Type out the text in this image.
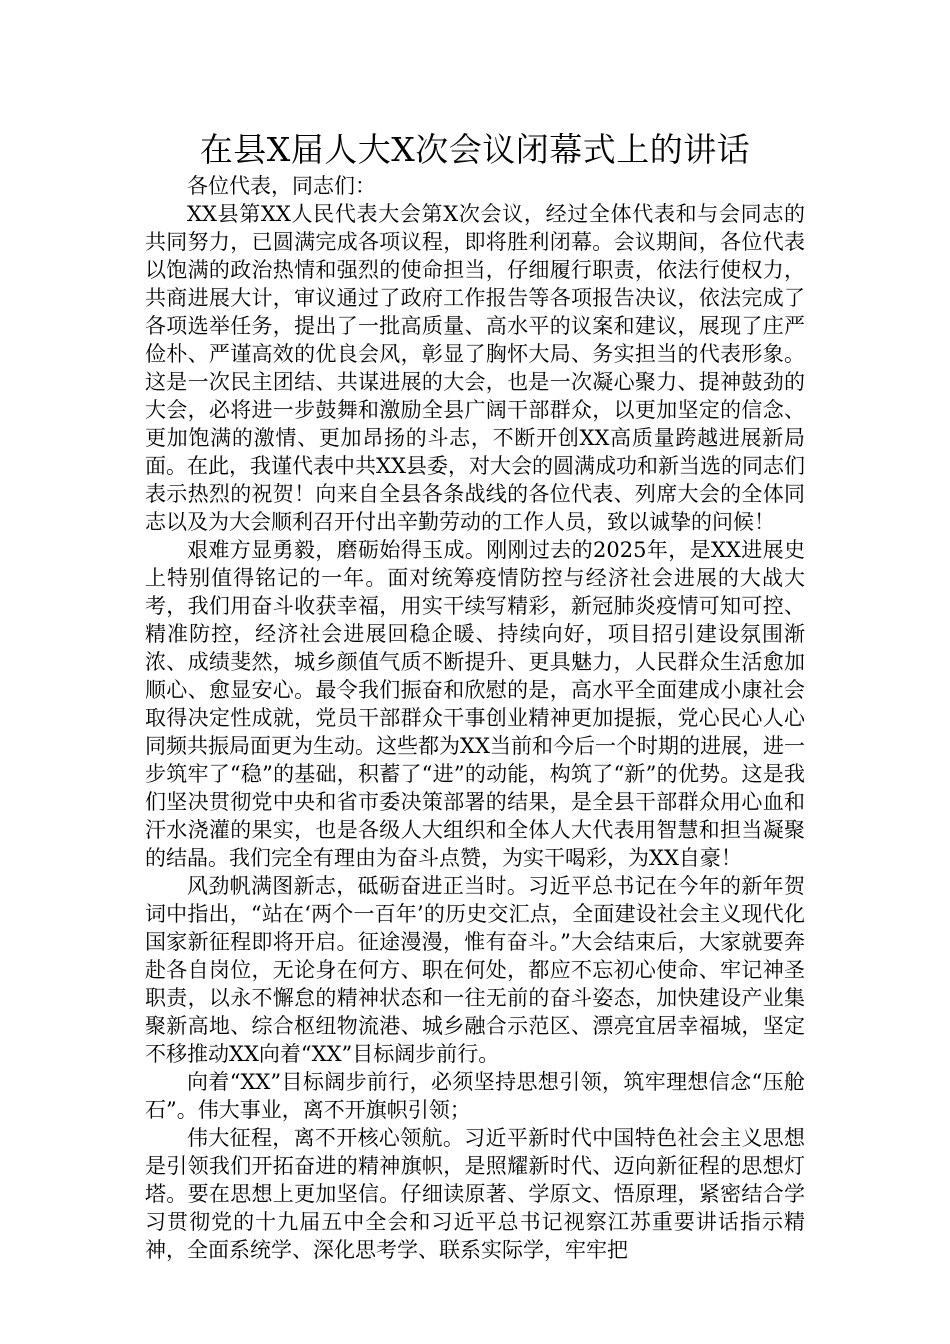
在县X届人大X次会议闭幕式上的讲话

各位代表，同志们：

XX县第XX人民代表大会第X次会议，经过全体代表和与会同志的共同努力，已圆满完成各项议程，即将胜利闭幕。会议期间，各位代表以饱满的政治热情和强烈的使命担当，仔细履行职责，依法行使权力，共商进展大计，审议通过了政府工作报告等各项报告决议，依法完成了各项选举任务，提出了一批高质量、高水平的议案和建议，展现了庄严俭朴、严谨高效的优良会风，彰显了胸怀大局、务实担当的代表形象。这是一次民主团结、共谋进展的大会，也是一次凝心聚力、提神鼓劲的大会，必将进一步鼓舞和激励全县广阔干部群众，以更加坚定的信念、更加饱满的激情、更加昂扬的斗志，不断开创XX高质量跨越进展新局面。在此，我谨代表中共XX县委，对大会的圆满成功和新当选的同志们表示热烈的祝贺！向来自全县各条战线的各位代表、列席大会的全体同志以及为大会顺利召开付出辛勤劳动的工作人员，致以诚挚的问候！

艰难方显勇毅，磨砺始得玉成。刚刚过去的2025年，是XX进展史上特别值得铭记的一年。面对统筹疫情防控与经济社会进展的大战大考，我们用奋斗收获幸福，用实干续写精彩，新冠肺炎疫情可知可控、精准防控，经济社会进展回稳企暖、持续向好，项目招引建设氛围渐浓、成绩斐然，城乡颜值气质不断提升、更具魅力，人民群众生活愈加顺心、愈显安心。最令我们振奋和欣慰的是，高水平全面建成小康社会取得决定性成就，党员干部群众干事创业精神更加提振，党心民心人心同频共振局面更为生动。这些都为XX当前和今后一个时期的进展，进一步筑牢了“稳”的基础，积蓄了“进”的动能，构筑了“新”的优势。这是我们坚决贯彻党中央和省市委决策部署的结果，是全县干部群众用心血和汗水浇灌的果实，也是各级人大组织和全体人大代表用智慧和担当凝聚的结晶。我们完全有理由为奋斗点赞，为实干喝彩，为XX自豪！

风劲帆满图新志，砥砺奋进正当时。习近平总书记在今年的新年贺词中指出，“站在‘两个一百年’的历史交汇点，全面建设社会主义现代化国家新征程即将开启。征途漫漫，惟有奋斗。”大会结束后，大家就要奔赴各自岗位，无论身在何方、职在何处，都应不忘初心使命、牢记神圣职责，以永不懈怠的精神状态和一往无前的奋斗姿态，加快建设产业集聚新高地、综合枢纽物流港、城乡融合示范区、漂亮宜居幸福城，坚定不移推动XX向着“XX”目标阔步前行。

向着“XX”目标阔步前行，必须坚持思想引领，筑牢理想信念“压舱石”。伟大事业，离不开旗帜引领；

伟大征程，离不开核心领航。习近平新时代中国特色社会主义思想是引领我们开拓奋进的精神旗帜，是照耀新时代、迈向新征程的思想灯塔。要在思想上更加坚信。仔细读原著、学原文、悟原理，紧密结合学习贯彻党的十九届五中全会和习近平总书记视察江苏重要讲话指示精神，全面系统学、深化思考学、联系实际学，牢牢把
